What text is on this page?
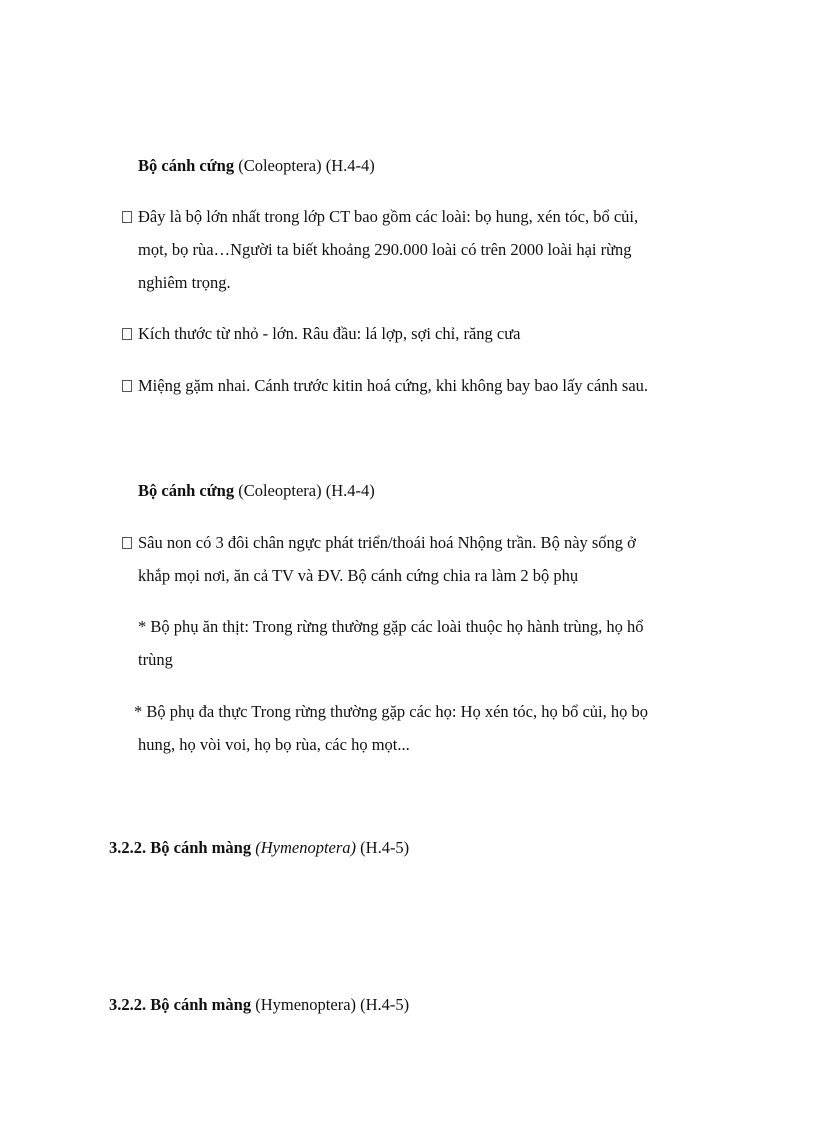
Bộ cánh cứng (Coleoptera) (H.4-4)
Đây là bộ lớn nhất trong lớp CT bao gồm các loài: bọ hung, xén tóc, bổ củi,
mọt, bọ rùa…Người ta biết khoảng 290.000 loài có trên 2000 loài hại rừng
nghiêm trọng.
Kích thước từ nhỏ - lớn. Râu đầu: lá lợp, sợi chỉ, răng cưa
Miệng gặm nhai. Cánh trước kitin hoá cứng, khi không bay bao lấy cánh sau.
Bộ cánh cứng (Coleoptera) (H.4-4)
Sâu non có 3 đôi chân ngực phát triển/thoái hoá Nhộng trần. Bộ này sống ở
khắp mọi nơi, ăn cả TV và ĐV. Bộ cánh cứng chia ra làm 2 bộ phụ
* Bộ phụ ăn thịt: Trong rừng thường gặp các loài thuộc họ hành trùng, họ hổ
trùng
* Bộ phụ đa thực Trong rừng thường gặp các họ: Họ xén tóc, họ bổ củi, họ bọ
hung, họ vòi voi, họ bọ rùa, các họ mọt...
3.2.2. Bộ cánh màng (Hymenoptera) (H.4-5)
3.2.2. Bộ cánh màng (Hymenoptera) (H.4-5)
